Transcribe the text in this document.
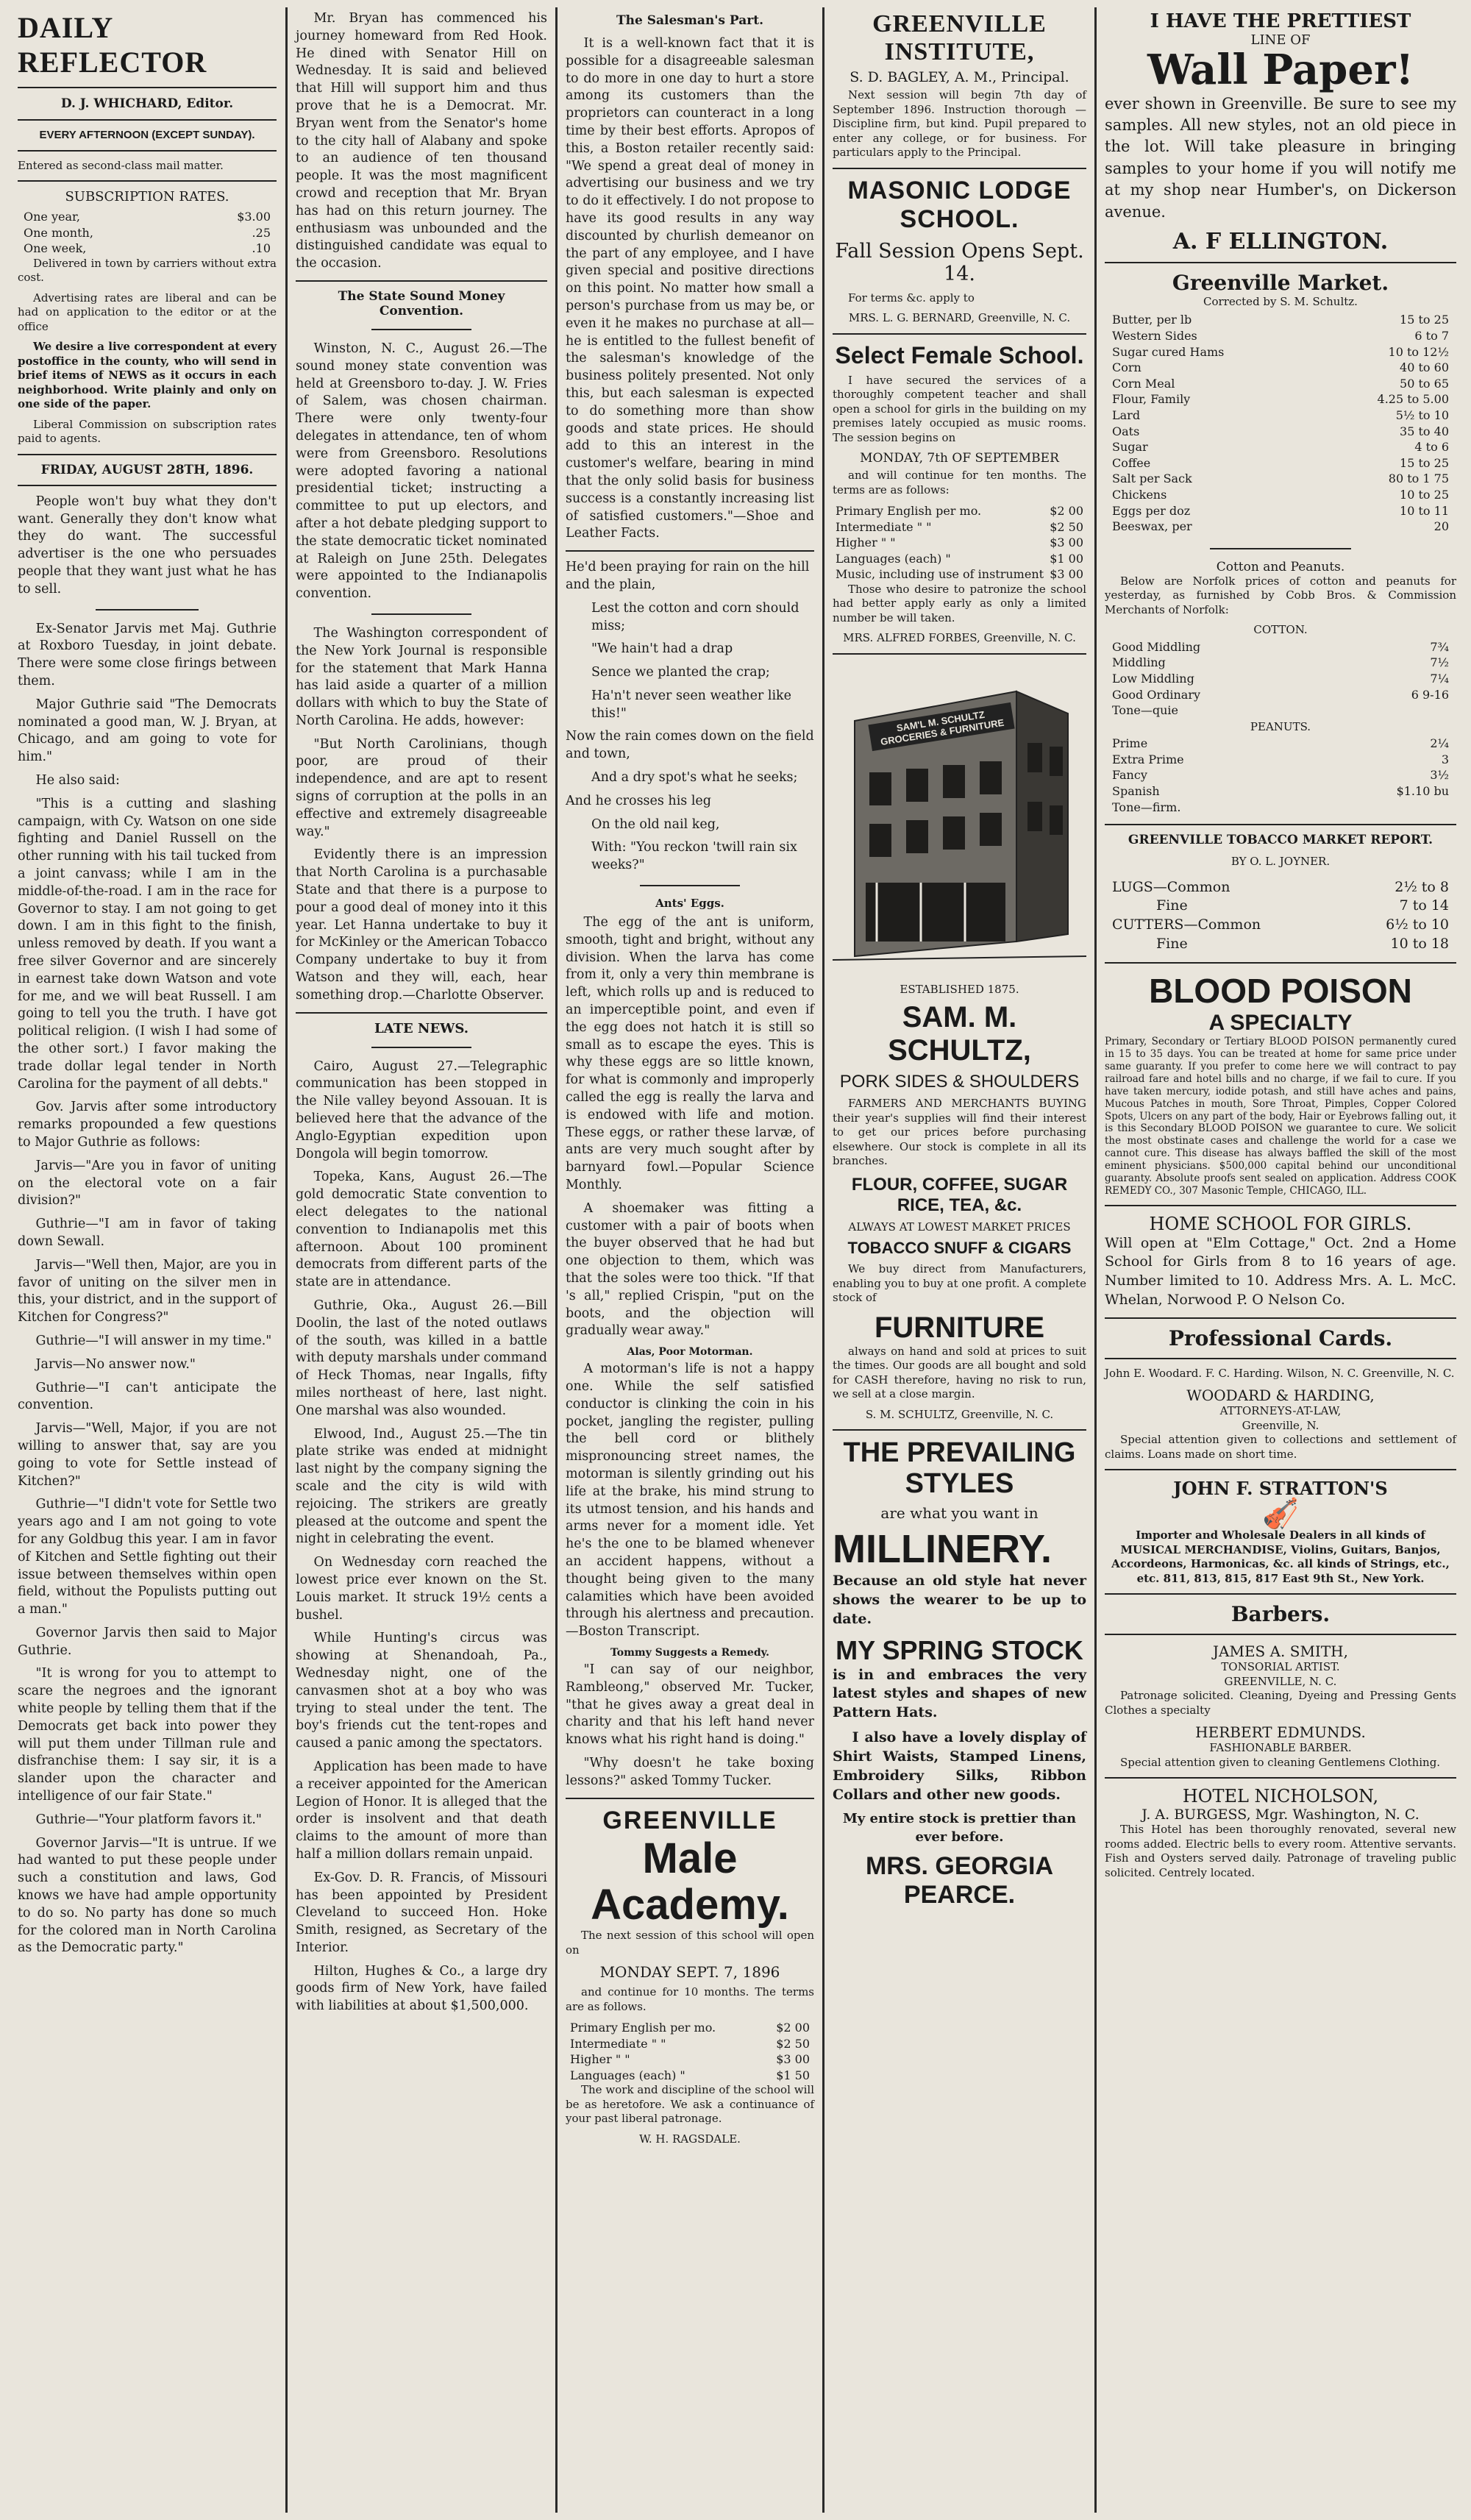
DAILY REFLECTOR
D. J. WHICHARD, Editor.
EVERY AFTERNOON (EXCEPT SUNDAY).

Entered as second-class mail matter.

SUBSCRIPTION RATES.
One year,	$3.00
One month,	.25
One week,	.10

Delivered in town by carriers without extra cost.

Advertising rates are liberal and can be had on application to the editor or at the office

We desire a live correspondent at every postoffice in the county, who will send in brief items of NEWS as it occurs in each neighborhood. Write plainly and only on one side of the paper.

Liberal Commission on subscription rates paid to agents.

FRIDAY, AUGUST 28TH, 1896.

People won't buy what they don't want. Generally they don't know what they do want. The successful advertiser is the one who persuades people that they want just what he has to sell.

Ex-Senator Jarvis met Maj. Guthrie at Roxboro Tuesday, in joint debate. There were some close firings between them.

Major Guthrie said "The Democrats nominated a good man, W. J. Bryan, at Chicago, and am going to vote for him."

He also said:

"This is a cutting and slashing campaign, with Cy. Watson on one side fighting and Daniel Russell on the other running with his tail tucked from a joint canvass; while I am in the middle-of-the-road. I am in the race for Governor to stay. I am not going to get down. I am in this fight to the finish, unless removed by death. If you want a free silver Governor and are sincerely in earnest take down Watson and vote for me, and we will beat Russell. I am going to tell you the truth. I have got political religion. (I wish I had some of the other sort.) I favor making the trade dollar legal tender in North Carolina for the payment of all debts."

Gov. Jarvis after some introductory remarks propounded a few questions to Major Guthrie as follows:

Jarvis—"Are you in favor of uniting on the electoral vote on a fair division?"

Guthrie—"I am in favor of taking down Sewall.

Jarvis—"Well then, Major, are you in favor of uniting on the silver men in this, your district, and in the support of Kitchen for Congress?"

Guthrie—"I will answer in my time."

Jarvis—No answer now."

Guthrie—"I can't anticipate the convention.

Jarvis—"Well, Major, if you are not willing to answer that, say are you going to vote for Settle instead of Kitchen?"

Guthrie—"I didn't vote for Settle two years ago and I am not going to vote for any Goldbug this year. I am in favor of Kitchen and Settle fighting out their issue between themselves within open field, without the Populists putting out a man."

Governor Jarvis then said to Major Guthrie.

"It is wrong for you to attempt to scare the negroes and the ignorant white people by telling them that if the Democrats get back into power they will put them under Tillman rule and disfranchise them: I say sir, it is a slander upon the character and intelligence of our fair State."

Guthrie—"Your platform favors it."

Governor Jarvis—"It is untrue. If we had wanted to put these people under such a constitution and laws, God knows we have had ample opportunity to do so. No party has done so much for the colored man in North Carolina as the Democratic party."

Mr. Bryan has commenced his journey homeward from Red Hook. He dined with Senator Hill on Wednesday. It is said and believed that Hill will support him and thus prove that he is a Democrat. Mr. Bryan went from the Senator's home to the city hall of Alabany and spoke to an audience of ten thousand people. It was the most magnificent crowd and reception that Mr. Bryan has had on this return journey. The enthusiasm was unbounded and the distinguished candidate was equal to the occasion.

The State Sound Money Convention.

Winston, N. C., August 26.—The sound money state convention was held at Greensboro to-day. J. W. Fries of Salem, was chosen chairman. There were only twenty-four delegates in attendance, ten of whom were from Greensboro. Resolutions were adopted favoring a national presidential ticket; instructing a committee to put up electors, and after a hot debate pledging support to the state democratic ticket nominated at Raleigh on June 25th. Delegates were appointed to the Indianapolis convention.

The Washington correspondent of the New York Journal is responsible for the statement that Mark Hanna has laid aside a quarter of a million dollars with which to buy the State of North Carolina. He adds, however:

"But North Carolinians, though poor, are proud of their independence, and are apt to resent signs of corruption at the polls in an effective and extremely disagreeable way."

Evidently there is an impression that North Carolina is a purchasable State and that there is a purpose to pour a good deal of money into it this year. Let Hanna undertake to buy it for McKinley or the American Tobacco Company undertake to buy it from Watson and they will, each, hear something drop.—Charlotte Observer.

LATE NEWS.

Cairo, August 27.—Telegraphic communication has been stopped in the Nile valley beyond Assouan. It is believed here that the advance of the Anglo-Egyptian expedition upon Dongola will begin tomorrow.

Topeka, Kans, August 26.—The gold democratic State convention to elect delegates to the national convention to Indianapolis met this afternoon. About 100 prominent democrats from different parts of the state are in attendance.

Guthrie, Oka., August 26.—Bill Doolin, the last of the noted outlaws of the south, was killed in a battle with deputy marshals under command of Heck Thomas, near Ingalls, fifty miles northeast of here, last night. One marshal was also wounded.

Elwood, Ind., August 25.—The tin plate strike was ended at midnight last night by the company signing the scale and the city is wild with rejoicing. The strikers are greatly pleased at the outcome and spent the night in celebrating the event.

On Wednesday corn reached the lowest price ever known on the St. Louis market. It struck 19½ cents a bushel.

While Hunting's circus was showing at Shenandoah, Pa., Wednesday night, one of the canvasmen shot at a boy who was trying to steal under the tent. The boy's friends cut the tent-ropes and caused a panic among the spectators.

Application has been made to have a receiver appointed for the American Legion of Honor. It is alleged that the order is insolvent and that death claims to the amount of more than half a million dollars remain unpaid.

Ex-Gov. D. R. Francis, of Missouri has been appointed by President Cleveland to succeed Hon. Hoke Smith, resigned, as Secretary of the Interior.

Hilton, Hughes & Co., a large dry goods firm of New York, have failed with liabilities at about $1,500,000.

The Salesman's Part.

It is a well-known fact that it is possible for a disagreeable salesman to do more in one day to hurt a store among its customers than the proprietors can counteract in a long time by their best efforts. Apropos of this, a Boston retailer recently said: "We spend a great deal of money in advertising our business and we try to do it effectively. I do not propose to have its good results in any way discounted by churlish demeanor on the part of any employee, and I have given special and positive directions on this point. No matter how small a person's purchase from us may be, or even it he makes no purchase at all—he is entitled to the fullest benefit of the salesman's knowledge of the business politely presented. Not only this, but each salesman is expected to do something more than show goods and state prices. He should add to this an interest in the customer's welfare, bearing in mind that the only solid basis for business success is a constantly increasing list of satisfied customers."—Shoe and Leather Facts.

He'd been praying for rain on the hill and the plain,

Lest the cotton and corn should miss;

"We hain't had a drap

Sence we planted the crap;

Ha'n't never seen weather like this!"

Now the rain comes down on the field and town,

And a dry spot's what he seeks;

And he crosses his leg

On the old nail keg,

With: "You reckon 'twill rain six weeks?"

Ants' Eggs.

The egg of the ant is uniform, smooth, tight and bright, without any division. When the larva has come from it, only a very thin membrane is left, which rolls up and is reduced to an imperceptible point, and even if the egg does not hatch it is still so small as to escape the eyes. This is why these eggs are so little known, for what is commonly and improperly called the egg is really the larva and is endowed with life and motion. These eggs, or rather these larvæ, of ants are very much sought after by barnyard fowl.—Popular Science Monthly.

A shoemaker was fitting a customer with a pair of boots when the buyer observed that he had but one objection to them, which was that the soles were too thick. "If that 's all," replied Crispin, "put on the boots, and the objection will gradually wear away."

Alas, Poor Motorman.

A motorman's life is not a happy one. While the self satisfied conductor is clinking the coin in his pocket, jangling the register, pulling the bell cord or blithely mispronouncing street names, the motorman is silently grinding out his life at the brake, his mind strung to its utmost tension, and his hands and arms never for a moment idle. Yet he's the one to be blamed whenever an accident happens, without a thought being given to the many calamities which have been avoided through his alertness and precaution.—Boston Transcript.

Tommy Suggests a Remedy.

"I can say of our neighbor, Rambleong," observed Mr. Tucker, "that he gives away a great deal in charity and that his left hand never knows what his right hand is doing."

"Why doesn't he take boxing lessons?" asked Tommy Tucker.

GREENVILLE
Male Academy.

The next session of this school will open on

MONDAY SEPT. 7, 1896

and continue for 10 months. The terms are as follows.

Primary English per mo.	$2 00
Intermediate " "	$2 50
Higher " "	$3 00
Languages (each) "	$1 50

The work and discipline of the school will be as heretofore. We ask a continuance of your past liberal patronage.

W. H. RAGSDALE.
GREENVILLE INSTITUTE,
S. D. BAGLEY, A. M., Principal.

Next session will begin 7th day of September 1896. Instruction thorough —Discipline firm, but kind. Pupil prepared to enter any college, or for business. For particulars apply to the Principal.

MASONIC LODGE SCHOOL.
Fall Session Opens Sept. 14.

For terms &c. apply to

MRS. L. G. BERNARD, Greenville, N. C.
Select Female School.

I have secured the services of a thoroughly competent teacher and shall open a school for girls in the building on my premises lately occupied as music rooms. The session begins on

MONDAY, 7th OF SEPTEMBER

and will continue for ten months. The terms are as follows:

Primary English per mo.	$2 00
Intermediate " "	$2 50
Higher " "	$3 00
Languages (each) "	$1 00
Music, including use of instrument $3 00

Those who desire to patronize the school had better apply early as only a limited number be will taken.

MRS. ALFRED FORBES, Greenville, N. C.
SAM'L M. SCHULTZ GROCERIES & FURNITURE
ESTABLISHED 1875.
SAM. M. SCHULTZ,
PORK SIDES & SHOULDERS

FARMERS AND MERCHANTS BUYING their year's supplies will find their interest to get our prices before purchasing elsewhere. Our stock is complete in all its branches.

FLOUR, COFFEE, SUGAR RICE, TEA, &c.
ALWAYS AT LOWEST MARKET PRICES
TOBACCO SNUFF & CIGARS

We buy direct from Manufacturers, enabling you to buy at one profit. A complete stock of

FURNITURE

always on hand and sold at prices to suit the times. Our goods are all bought and sold for CASH therefore, having no risk to run, we sell at a close margin.

S. M. SCHULTZ, Greenville, N. C.
THE PREVAILING STYLES
are what you want in
MILLINERY.

Because an old style hat never shows the wearer to be up to date.

MY SPRING STOCK

is in and embraces the very latest styles and shapes of new Pattern Hats.

I also have a lovely display of Shirt Waists, Stamped Linens, Embroidery Silks, Ribbon Collars and other new goods.

My entire stock is prettier than ever before.

MRS. GEORGIA PEARCE.
I HAVE THE PRETTIEST
LINE OF
Wall Paper!

ever shown in Greenville. Be sure to see my samples. All new styles, not an old piece in the lot. Will take pleasure in bringing samples to your home if you will notify me at my shop near Humber's, on Dickerson avenue.

A. F ELLINGTON.
Greenville Market.
Corrected by S. M. Schultz.
Butter, per lb	15 to 25
Western Sides	6 to 7
Sugar cured Hams	10 to 12½
Corn	40 to 60
Corn Meal	50 to 65
Flour, Family	4.25 to 5.00
Lard	5½ to 10
Oats	35 to 40
Sugar	4 to 6
Coffee	15 to 25
Salt per Sack	80 to 1 75
Chickens	10 to 25
Eggs per doz	10 to 11
Beeswax, per	20
Cotton and Peanuts.

Below are Norfolk prices of cotton and peanuts for yesterday, as furnished by Cobb Bros. & Commission Merchants of Norfolk:

COTTON.
Good Middling	7¾
Middling	7½
Low Middling	7¼
Good Ordinary	6 9-16
Tone—quie
PEANUTS.
Prime	2¼
Extra Prime	3
Fancy	3½
Spanish	$1.10 bu
Tone—firm.
GREENVILLE TOBACCO MARKET REPORT.
BY O. L. JOYNER.
LUGS—Common	2½ to 8
Fine	7 to 14
CUTTERS—Common	6½ to 10
Fine	10 to 18
BLOOD POISON
A SPECIALTY

Primary, Secondary or Tertiary BLOOD POISON permanently cured in 15 to 35 days. You can be treated at home for same price under same guaranty. If you prefer to come here we will contract to pay railroad fare and hotel bills and no charge, if we fail to cure. If you have taken mercury, iodide potash, and still have aches and pains, Mucous Patches in mouth, Sore Throat, Pimples, Copper Colored Spots, Ulcers on any part of the body, Hair or Eyebrows falling out, it is this Secondary BLOOD POISON we guarantee to cure. We solicit the most obstinate cases and challenge the world for a case we cannot cure. This disease has always baffled the skill of the most eminent physicians. $500,000 capital behind our unconditional guaranty. Absolute proofs sent sealed on application. Address COOK REMEDY CO., 307 Masonic Temple, CHICAGO, ILL.

HOME SCHOOL FOR GIRLS.

Will open at "Elm Cottage," Oct. 2nd a Home School for Girls from 8 to 16 years of age. Number limited to 10. Address Mrs. A. L. McC. Whelan, Norwood P. O Nelson Co.

Professional Cards.

John E. Woodard. F. C. Harding. Wilson, N. C. Greenville, N. C.

WOODARD & HARDING,
ATTORNEYS-AT-LAW,
Greenville, N.

Special attention given to collections and settlement of claims. Loans made on short time.

JOHN F. STRATTON'S
🎻

Importer and Wholesale Dealers in all kinds of MUSICAL MERCHANDISE, Violins, Guitars, Banjos, Accordeons, Harmonicas, &c. all kinds of Strings, etc., etc. 811, 813, 815, 817 East 9th St., New York.

Barbers.
JAMES A. SMITH,
TONSORIAL ARTIST.
GREENVILLE, N. C.

Patronage solicited. Cleaning, Dyeing and Pressing Gents Clothes a specialty

HERBERT EDMUNDS.
FASHIONABLE BARBER.

Special attention given to cleaning Gentlemens Clothing.

HOTEL NICHOLSON,
J. A. BURGESS, Mgr. Washington, N. C.

This Hotel has been thoroughly renovated, several new rooms added. Electric bells to every room. Attentive servants. Fish and Oysters served daily. Patronage of traveling public solicited. Centrely located.
